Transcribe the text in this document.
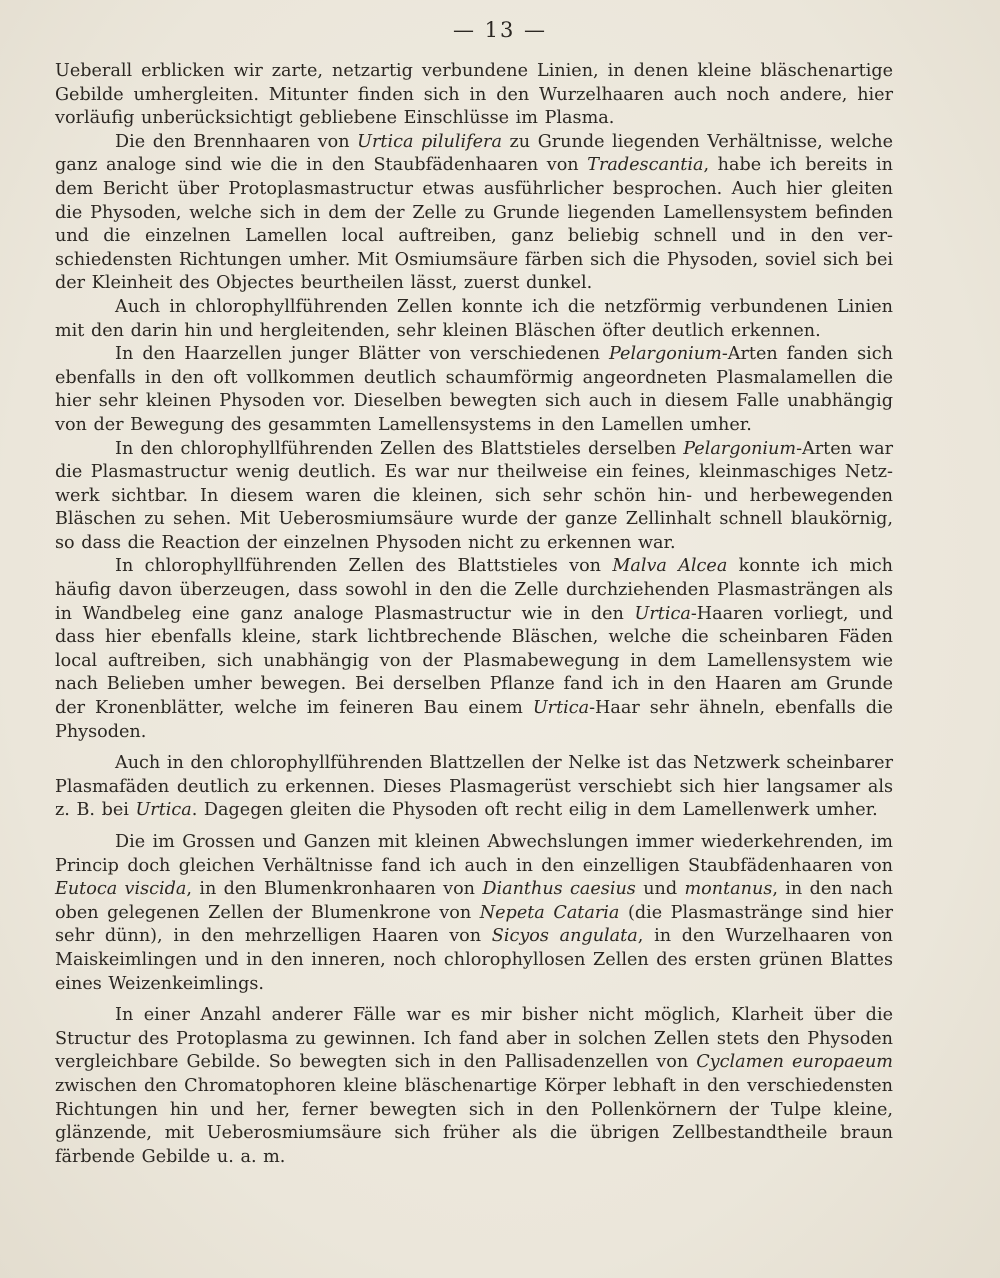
— 13 —

Ueberall erblicken wir zarte, netzartig verbundene Linien, in denen kleine bläschenartige Gebilde umhergleiten. Mitunter finden sich in den Wurzelhaaren auch noch andere, hier vorläufig unberücksichtigt gebliebene Einschlüsse im Plasma.

Die den Brennhaaren von Urtica pilulifera zu Grunde liegenden Verhältnisse, welche ganz analoge sind wie die in den Staubfädenhaaren von Tradescantia, habe ich bereits in dem Bericht über Protoplasmastructur etwas ausführlicher besprochen. Auch hier gleiten die Physoden, welche sich in dem der Zelle zu Grunde liegenden Lamellensystem befinden und die einzelnen Lamellen local auftreiben, ganz beliebig schnell und in den verschiedensten Richtungen umher. Mit Osmiumsäure färben sich die Physoden, soviel sich bei der Kleinheit des Objectes beurtheilen lässt, zuerst dunkel.

Auch in chlorophyllführenden Zellen konnte ich die netzförmig verbundenen Linien mit den darin hin und hergleitenden, sehr kleinen Bläschen öfter deutlich erkennen.

In den Haarzellen junger Blätter von verschiedenen Pelargonium-Arten fanden sich ebenfalls in den oft vollkommen deutlich schaumförmig angeordneten Plasmalamellen die hier sehr kleinen Physoden vor. Dieselben bewegten sich auch in diesem Falle unabhängig von der Bewegung des gesammten Lamellensystems in den Lamellen umher.

In den chlorophyllführenden Zellen des Blattstieles derselben Pelargonium-Arten war die Plasmastructur wenig deutlich. Es war nur theilweise ein feines, kleinmaschiges Netzwerk sichtbar. In diesem waren die kleinen, sich sehr schön hin- und herbewegenden Bläschen zu sehen. Mit Ueberosmiumsäure wurde der ganze Zellinhalt schnell blaukörnig, so dass die Reaction der einzelnen Physoden nicht zu erkennen war.

In chlorophyllführenden Zellen des Blattstieles von Malva Alcea konnte ich mich häufig davon überzeugen, dass sowohl in den die Zelle durchziehenden Plasmasträngen als in Wandbeleg eine ganz analoge Plasmastructur wie in den Urtica-Haaren vorliegt, und dass hier ebenfalls kleine, stark lichtbrechende Bläschen, welche die scheinbaren Fäden local auftreiben, sich unabhängig von der Plasmabewegung in dem Lamellensystem wie nach Belieben umher bewegen. Bei derselben Pflanze fand ich in den Haaren am Grunde der Kronenblätter, welche im feineren Bau einem Urtica-Haar sehr ähneln, ebenfalls die Physoden.

Auch in den chlorophyllführenden Blattzellen der Nelke ist das Netzwerk scheinbarer Plasmafäden deutlich zu erkennen. Dieses Plasmagerüst verschiebt sich hier langsamer als z. B. bei Urtica. Dagegen gleiten die Physoden oft recht eilig in dem Lamellenwerk umher.

Die im Grossen und Ganzen mit kleinen Abwechslungen immer wiederkehrenden, im Princip doch gleichen Verhältnisse fand ich auch in den einzelligen Staubfädenhaaren von Eutoca viscida, in den Blumenkronhaaren von Dianthus caesius und montanus, in den nach oben gelegenen Zellen der Blumenkrone von Nepeta Cataria (die Plasmastränge sind hier sehr dünn), in den mehrzelligen Haaren von Sicyos angulata, in den Wurzelhaaren von Maiskeimlingen und in den inneren, noch chlorophyllosen Zellen des ersten grünen Blattes eines Weizenkeimlings.

In einer Anzahl anderer Fälle war es mir bisher nicht möglich, Klarheit über die Structur des Protoplasma zu gewinnen. Ich fand aber in solchen Zellen stets den Physoden vergleichbare Gebilde. So bewegten sich in den Pallisadenzellen von Cyclamen europaeum zwischen den Chromatophoren kleine bläschenartige Körper lebhaft in den verschiedensten Richtungen hin und her, ferner bewegten sich in den Pollenkörnern der Tulpe kleine, glänzende, mit Ueberosmiumsäure sich früher als die übrigen Zellbestandtheile braun färbende Gebilde u. a. m.
